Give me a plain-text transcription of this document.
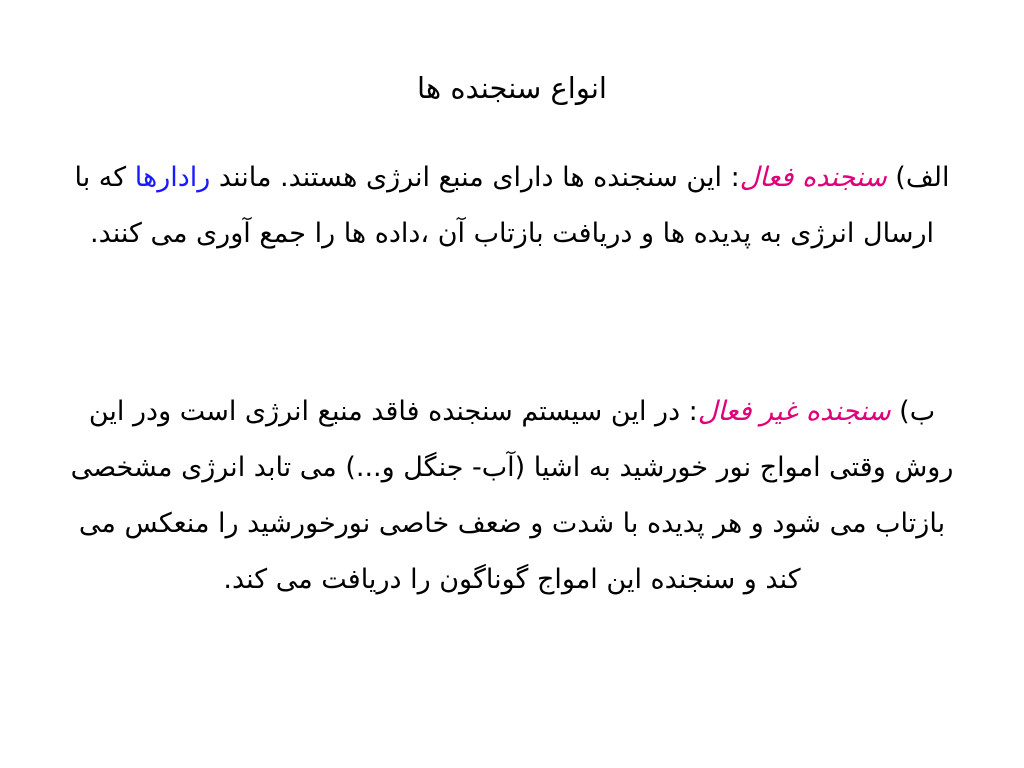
انواع سنجنده ها

الف) سنجنده فعال: این سنجنده ها دارای منبع انرژی هستند. مانند رادارها که با ارسال انرژی به پدیده ها و دریافت بازتاب آن ،داده ها را جمع آوری می کنند.

ب) سنجنده غیر فعال: در این سیستم سنجنده فاقد منبع انرژی است ودر این روش وقتی امواج نور خورشید به اشیا (آب- جنگل و...) می تابد انرژی مشخصی بازتاب می شود و هر پدیده با شدت و ضعف خاصی نورخورشید را منعکس می کند و سنجنده این امواج گوناگون را دریافت می کند.
